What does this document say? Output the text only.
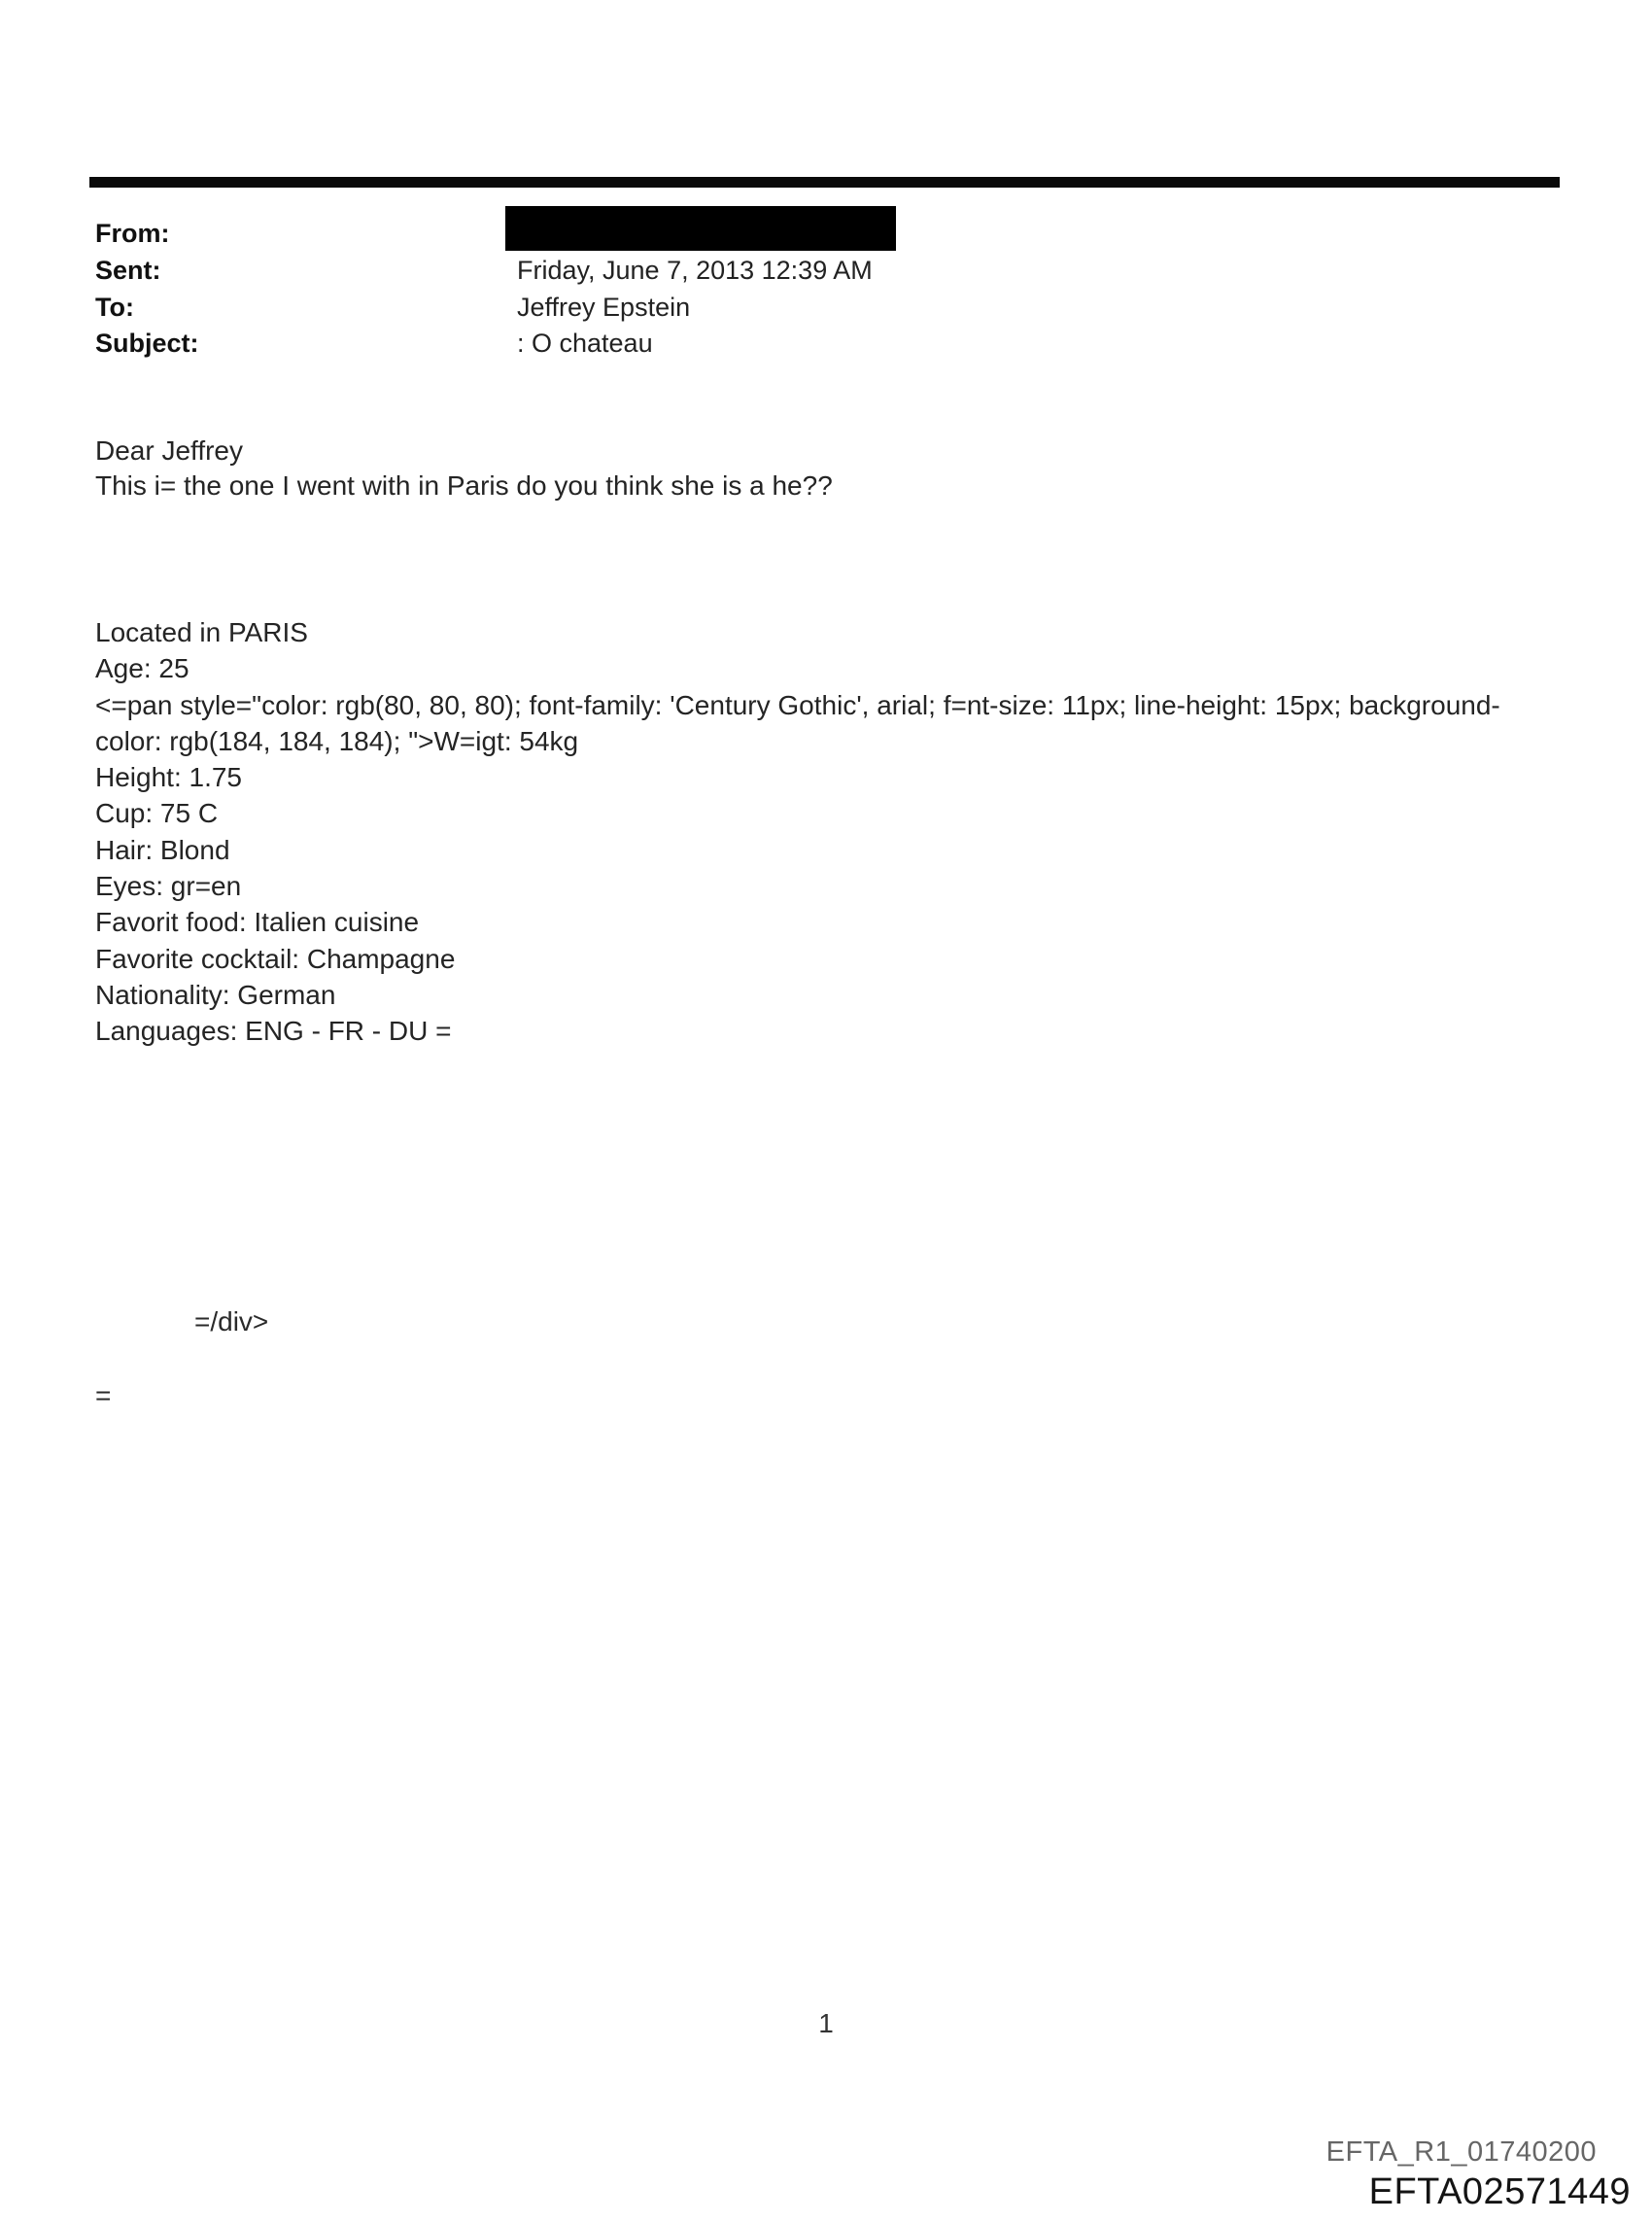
From:
Sent:	Friday, June 7, 2013 12:39 AM
To:	Jeffrey Epstein
Subject:	: O chateau
Dear Jeffrey
This i= the one I went with in Paris do you think she is a he??
Located in PARIS
Age: 25
<=pan style="color: rgb(80, 80, 80); font-family: 'Century Gothic', arial; f=nt-size: 11px; line-height: 15px; background-
color: rgb(184, 184, 184); ">W=igt: 54kg
Height: 1.75
Cup: 75 C
Hair: Blond
Eyes: gr=en
Favorit food: Italien cuisine
Favorite cocktail: Champagne
Nationality: German
Languages: ENG - FR - DU =
=/div>
=
1
EFTA_R1_01740200
EFTA02571449
